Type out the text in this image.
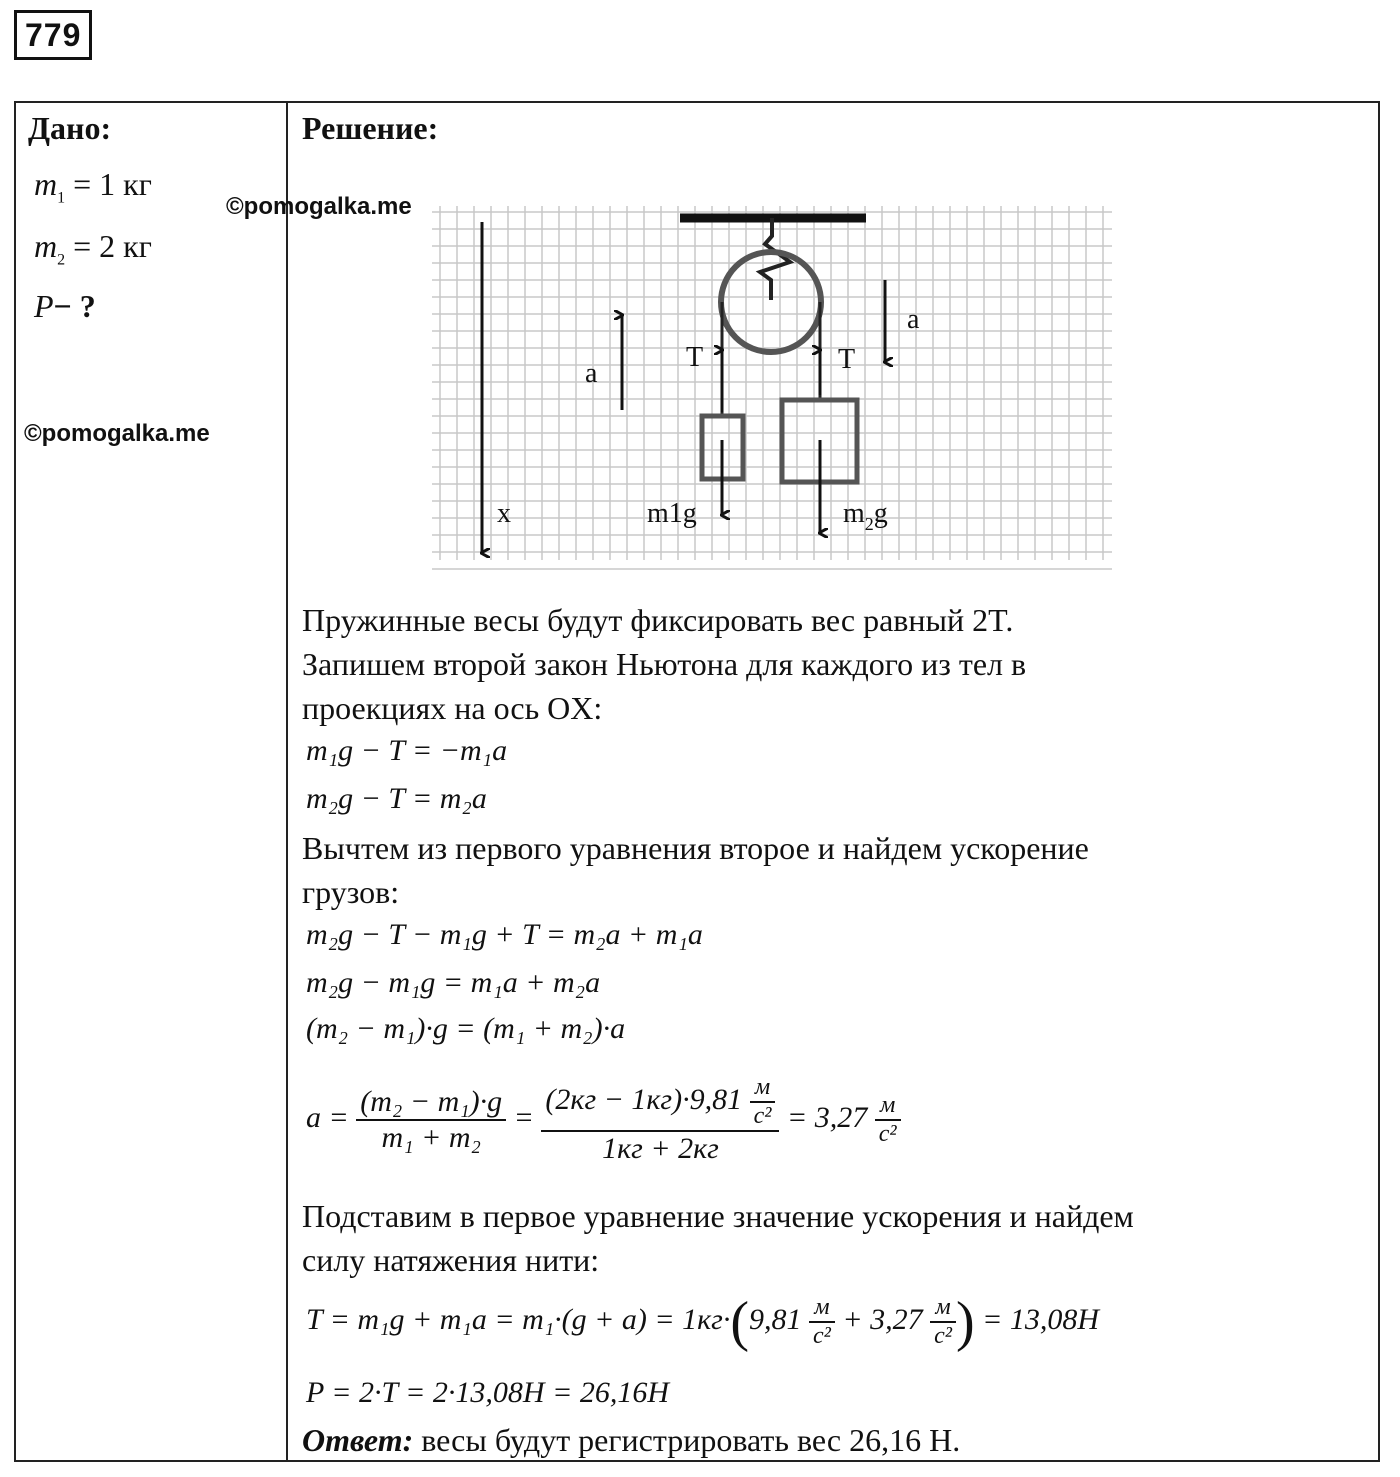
779
Дано:
$m_1 = 1$ кг
$m_2 = 2$ кг
P− ?
©pomogalka.me
©pomogalka.me
Решение:
x
a
a
T	T
m1g	$m_2g$

Пружинные весы будут фиксировать вес равный 2T.

Запишем второй закон Ньютона для каждого из тел в

проекциях на ось OX:

m₁g − T = −m₁a
m₂g − T = m₂a

Вычтем из первого уравнения второе и найдем ускорение

грузов:

m₂g − T − m₁g + T = m₂a + m₁a
m₂g − m₁g = m₁a + m₂a
(m₂ − m₁)·g = (m₁ + m₂)·a
$a = \frac{\text{(m₂ − m₁)·g}}{\text{m₁ + m₂}} = \frac{(2кг - 1кг)\cdot 9,81 \frac{м}{\text{c²}}}{1кг + 2кг} = 3,27 \frac{м}{\text{c²}}$

Подставим в первое уравнение значение ускорения и найдем

силу натяжения нити:

$T = m_1g + m_1a = m_1\cdot(g + a) = 1кг\cdot(9,81 \frac{м}{\text{c²}} + 3,27 \frac{м}{\text{c²}}$ ) = 13,08H
P = 2·T = 2·13,08H = 26,16H

Ответ: весы будут регистрировать вес 26,16 Н.
